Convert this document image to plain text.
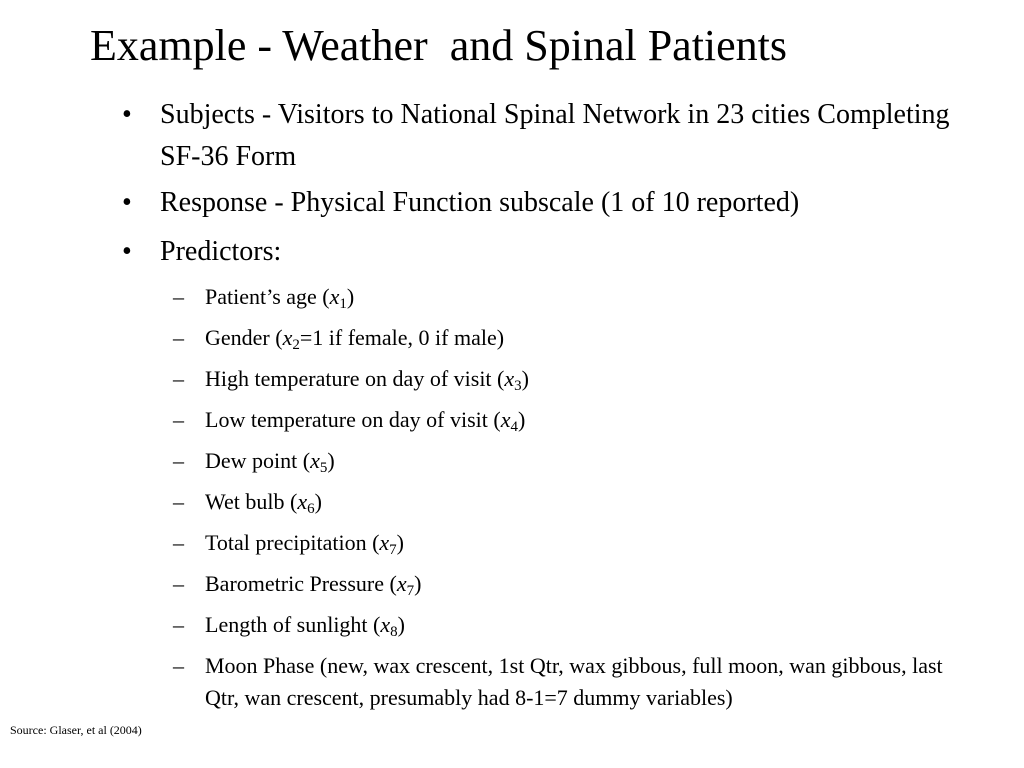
Example - Weather  and Spinal Patients
• Subjects - Visitors to National Spinal Network in 23 cities Completing SF-36 Form
• Response - Physical Function subscale (1 of 10 reported)
• Predictors:
– Patient’s age $(x_1)$
– Gender ($x_2=1$ if female, 0 if male)
– High temperature on day of visit $(x_3)$
– Low temperature on day of visit $(x_4)$
– Dew point $(x_5)$
– Wet bulb $(x_6)$
– Total precipitation $(x_7)$
– Barometric Pressure $(x_7)$
– Length of sunlight $(x_8)$
– Moon Phase (new, wax crescent, 1st Qtr, wax gibbous, full moon, wan gibbous, last Qtr, wan crescent, presumably had 8-1=7 dummy variables)
Source: Glaser, et al (2004)
